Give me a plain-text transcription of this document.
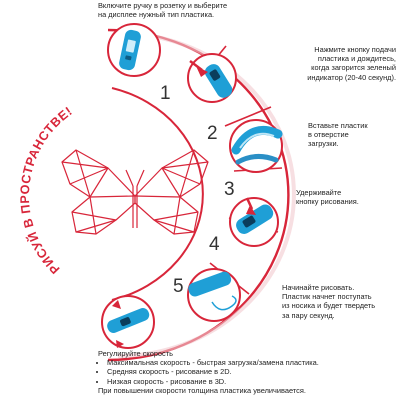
1
2
3
4
5
РИСУЙ В ПРОСТРАНСТВЕ!
Включите ручку в розетку и выберите
на дисплее нужный тип пластика.
Нажмите кнопку подачи
пластика и дождитесь,
когда загорится зеленый
индикатор (20-40 секунд).
Вставьте пластик
в отверстие
загрузки.
Удерживайте
кнопку рисования.
Начинайте рисовать.
Пластик начнет поступать
из носика и будет твердеть
за пару секунд.
Регулируйте скорость
• Максимальная скорость - быстрая загрузка/замена пластика.
• Средняя скорость - рисование в 2D.
• Низкая скорость - рисование в 3D.
При повышении скорости толщина пластика увеличивается.
